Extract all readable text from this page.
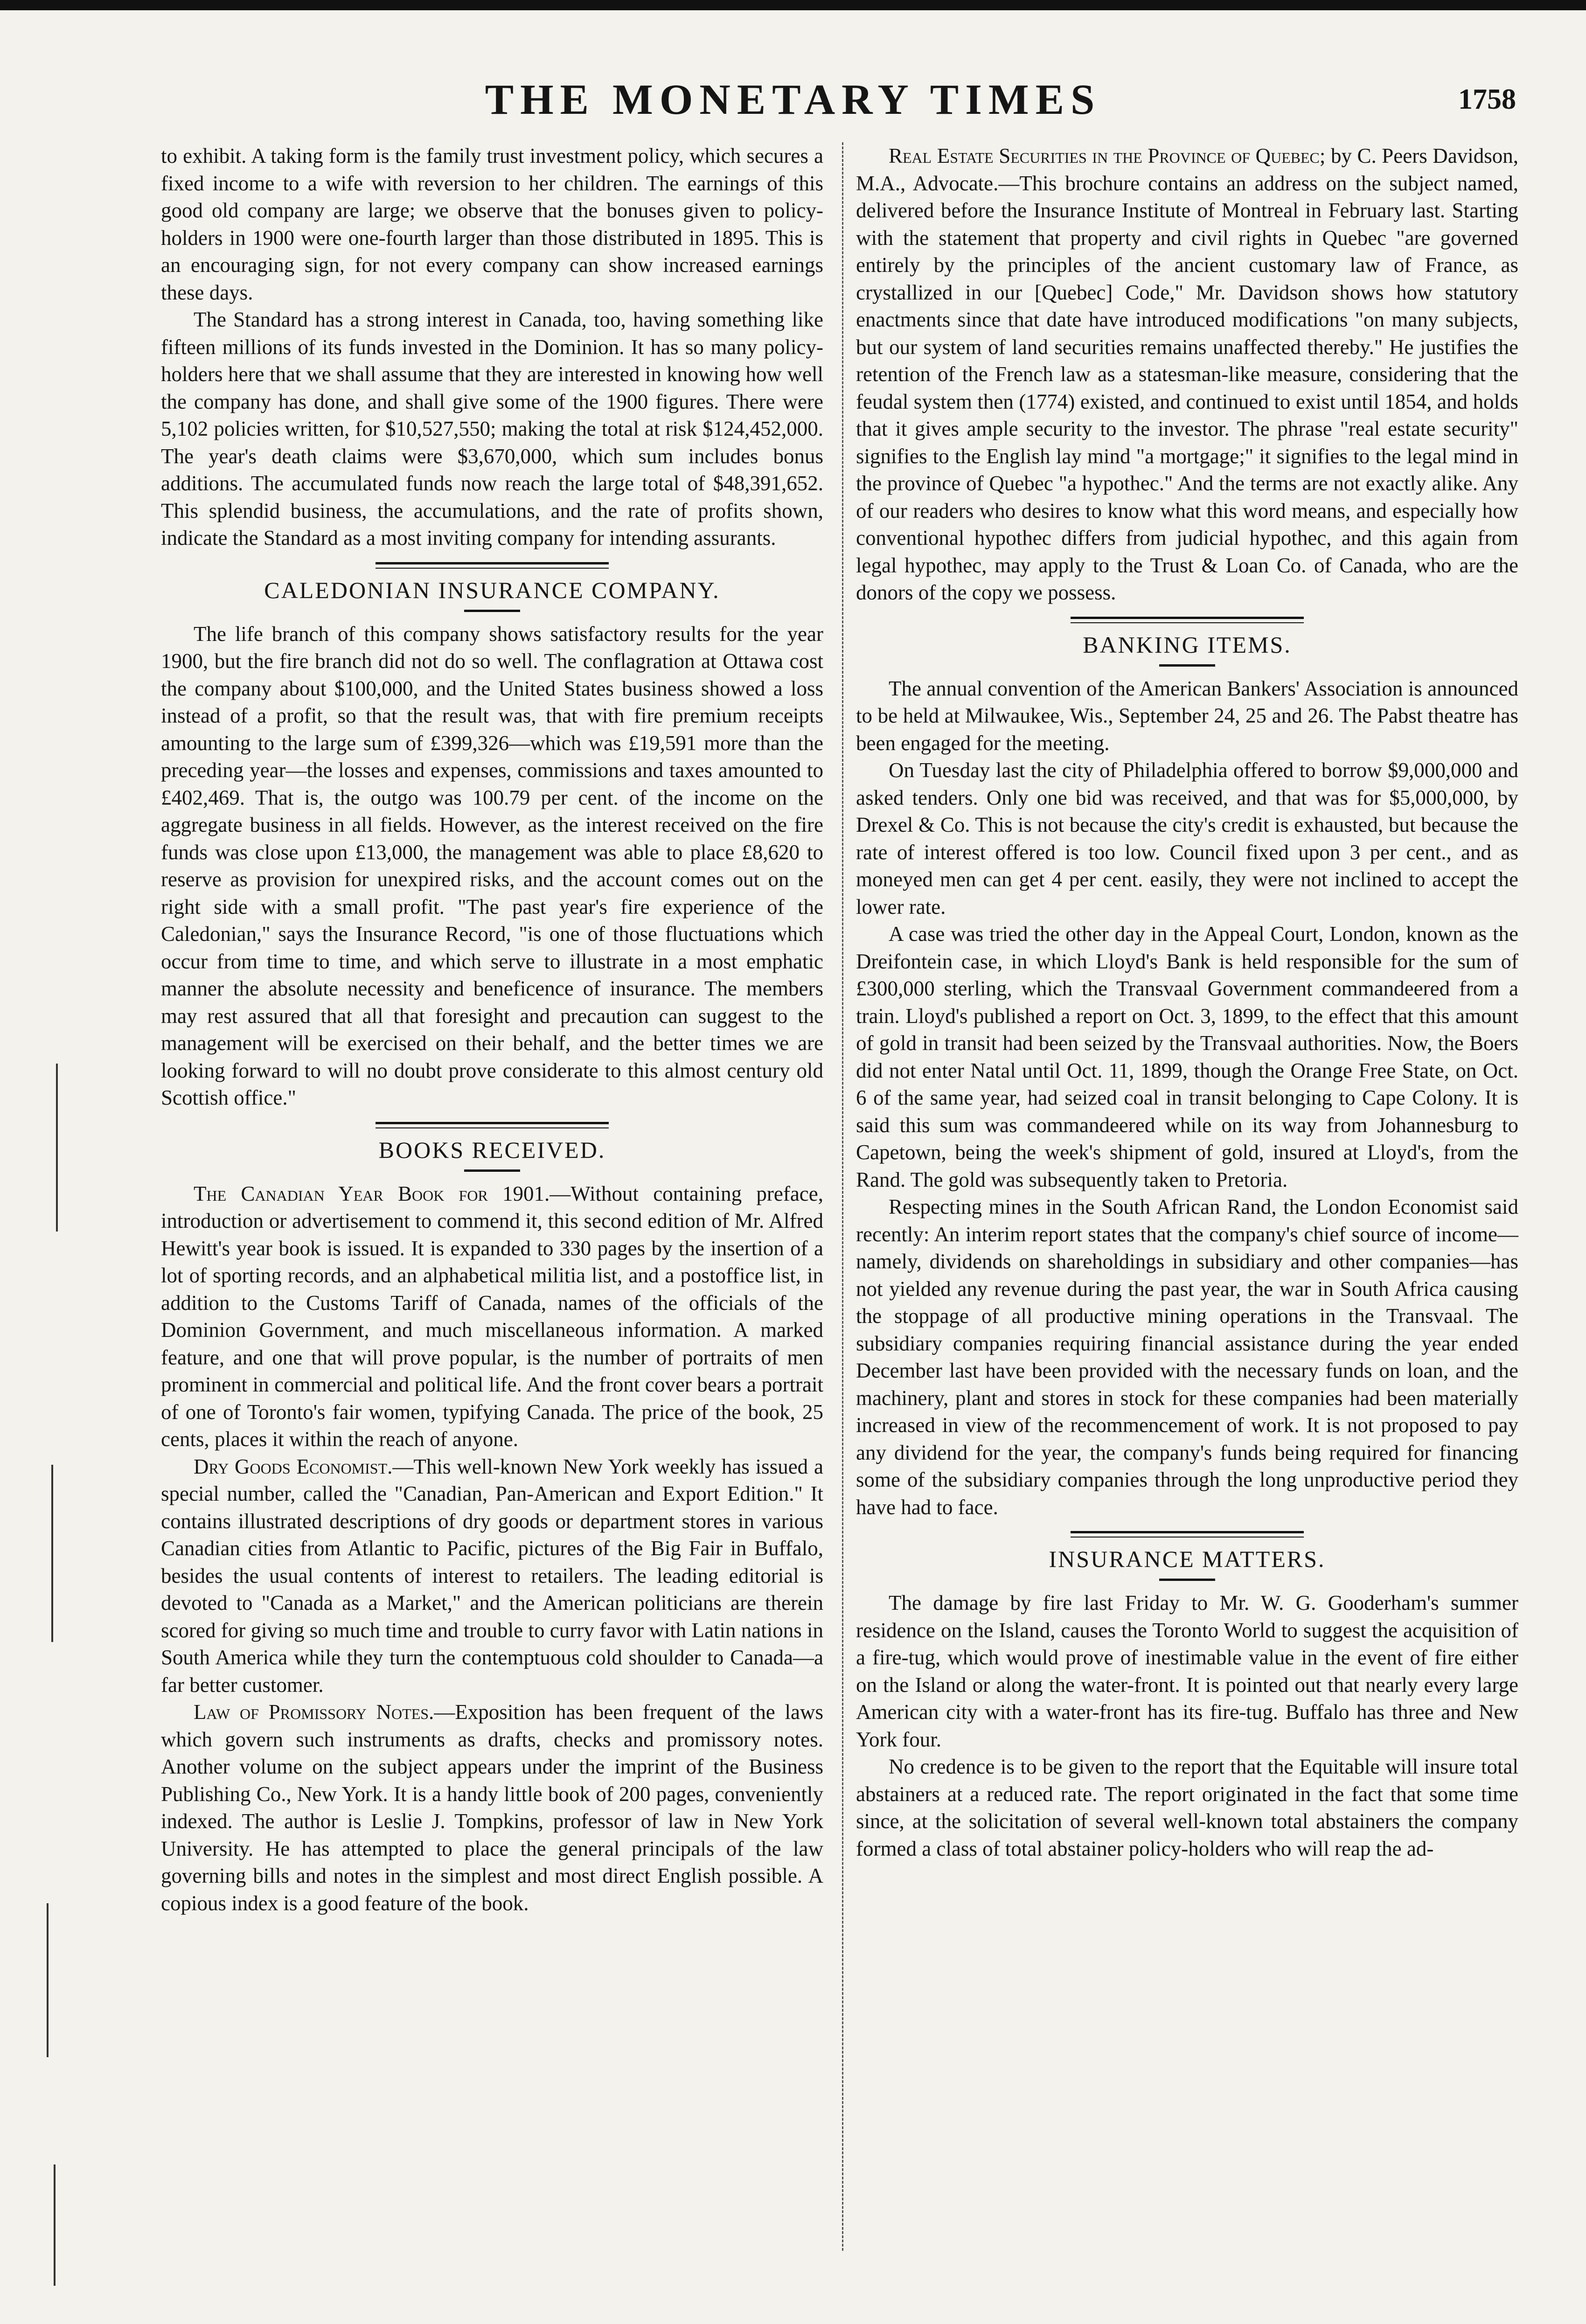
THE MONETARY TIMES	1758

to exhibit. A taking form is the family trust investment policy, which secures a fixed income to a wife with reversion to her children. The earnings of this good old company are large; we observe that the bonuses given to policy-holders in 1900 were one-fourth larger than those distributed in 1895. This is an encouraging sign, for not every company can show increased earnings these days.

The Standard has a strong interest in Canada, too, having something like fifteen millions of its funds invested in the Dominion. It has so many policy-holders here that we shall assume that they are interested in knowing how well the company has done, and shall give some of the 1900 figures. There were 5,102 policies written, for $10,527,550; making the total at risk $124,452,000. The year's death claims were $3,670,000, which sum includes bonus additions. The accumulated funds now reach the large total of $48,391,652. This splendid business, the accumulations, and the rate of profits shown, indicate the Standard as a most inviting company for intending assurants.

CALEDONIAN INSURANCE COMPANY.

The life branch of this company shows satisfactory results for the year 1900, but the fire branch did not do so well. The conflagration at Ottawa cost the company about $100,000, and the United States business showed a loss instead of a profit, so that the result was, that with fire premium receipts amounting to the large sum of £399,326—which was £19,591 more than the preceding year—the losses and expenses, commissions and taxes amounted to £402,469. That is, the outgo was 100.79 per cent. of the income on the aggregate business in all fields. However, as the interest received on the fire funds was close upon £13,000, the management was able to place £8,620 to reserve as provision for unexpired risks, and the account comes out on the right side with a small profit. "The past year's fire experience of the Caledonian," says the Insurance Record, "is one of those fluctuations which occur from time to time, and which serve to illustrate in a most emphatic manner the absolute necessity and beneficence of insurance. The members may rest assured that all that foresight and precaution can suggest to the management will be exercised on their behalf, and the better times we are looking forward to will no doubt prove considerate to this almost century old Scottish office."

BOOKS RECEIVED.

The Canadian Year Book for 1901.—Without containing preface, introduction or advertisement to commend it, this second edition of Mr. Alfred Hewitt's year book is issued. It is expanded to 330 pages by the insertion of a lot of sporting records, and an alphabetical militia list, and a postoffice list, in addition to the Customs Tariff of Canada, names of the officials of the Dominion Government, and much miscellaneous information. A marked feature, and one that will prove popular, is the number of portraits of men prominent in commercial and political life. And the front cover bears a portrait of one of Toronto's fair women, typifying Canada. The price of the book, 25 cents, places it within the reach of anyone.

Dry Goods Economist.—This well-known New York weekly has issued a special number, called the "Canadian, Pan-American and Export Edition." It contains illustrated descriptions of dry goods or department stores in various Canadian cities from Atlantic to Pacific, pictures of the Big Fair in Buffalo, besides the usual contents of interest to retailers. The leading editorial is devoted to "Canada as a Market," and the American politicians are therein scored for giving so much time and trouble to curry favor with Latin nations in South America while they turn the contemptuous cold shoulder to Canada—a far better customer.

Law of Promissory Notes.—Exposition has been frequent of the laws which govern such instruments as drafts, checks and promissory notes. Another volume on the subject appears under the imprint of the Business Publishing Co., New York. It is a handy little book of 200 pages, conveniently indexed. The author is Leslie J. Tompkins, professor of law in New York University. He has attempted to place the general principals of the law governing bills and notes in the simplest and most direct English possible. A copious index is a good feature of the book.

Real Estate Securities in the Province of Quebec; by C. Peers Davidson, M.A., Advocate.—This brochure contains an address on the subject named, delivered before the Insurance Institute of Montreal in February last. Starting with the statement that property and civil rights in Quebec "are governed entirely by the principles of the ancient customary law of France, as crystallized in our [Quebec] Code," Mr. Davidson shows how statutory enactments since that date have introduced modifications "on many subjects, but our system of land securities remains unaffected thereby." He justifies the retention of the French law as a statesman-like measure, considering that the feudal system then (1774) existed, and continued to exist until 1854, and holds that it gives ample security to the investor. The phrase "real estate security" signifies to the English lay mind "a mortgage;" it signifies to the legal mind in the province of Quebec "a hypothec." And the terms are not exactly alike. Any of our readers who desires to know what this word means, and especially how conventional hypothec differs from judicial hypothec, and this again from legal hypothec, may apply to the Trust & Loan Co. of Canada, who are the donors of the copy we possess.

BANKING ITEMS.

The annual convention of the American Bankers' Association is announced to be held at Milwaukee, Wis., September 24, 25 and 26. The Pabst theatre has been engaged for the meeting.

On Tuesday last the city of Philadelphia offered to borrow $9,000,000 and asked tenders. Only one bid was received, and that was for $5,000,000, by Drexel & Co. This is not because the city's credit is exhausted, but because the rate of interest offered is too low. Council fixed upon 3 per cent., and as moneyed men can get 4 per cent. easily, they were not inclined to accept the lower rate.

A case was tried the other day in the Appeal Court, London, known as the Dreifontein case, in which Lloyd's Bank is held responsible for the sum of £300,000 sterling, which the Transvaal Government commandeered from a train. Lloyd's published a report on Oct. 3, 1899, to the effect that this amount of gold in transit had been seized by the Transvaal authorities. Now, the Boers did not enter Natal until Oct. 11, 1899, though the Orange Free State, on Oct. 6 of the same year, had seized coal in transit belonging to Cape Colony. It is said this sum was commandeered while on its way from Johannesburg to Capetown, being the week's shipment of gold, insured at Lloyd's, from the Rand. The gold was subsequently taken to Pretoria.

Respecting mines in the South African Rand, the London Economist said recently: An interim report states that the company's chief source of income—namely, dividends on shareholdings in subsidiary and other companies—has not yielded any revenue during the past year, the war in South Africa causing the stoppage of all productive mining operations in the Transvaal. The subsidiary companies requiring financial assistance during the year ended December last have been provided with the necessary funds on loan, and the machinery, plant and stores in stock for these companies had been materially increased in view of the recommencement of work. It is not proposed to pay any dividend for the year, the company's funds being required for financing some of the subsidiary companies through the long unproductive period they have had to face.

INSURANCE MATTERS.

The damage by fire last Friday to Mr. W. G. Gooderham's summer residence on the Island, causes the Toronto World to suggest the acquisition of a fire-tug, which would prove of inestimable value in the event of fire either on the Island or along the water-front. It is pointed out that nearly every large American city with a water-front has its fire-tug. Buffalo has three and New York four.

No credence is to be given to the report that the Equitable will insure total abstainers at a reduced rate. The report originated in the fact that some time since, at the solicitation of several well-known total abstainers the company formed a class of total abstainer policy-holders who will reap the ad-
